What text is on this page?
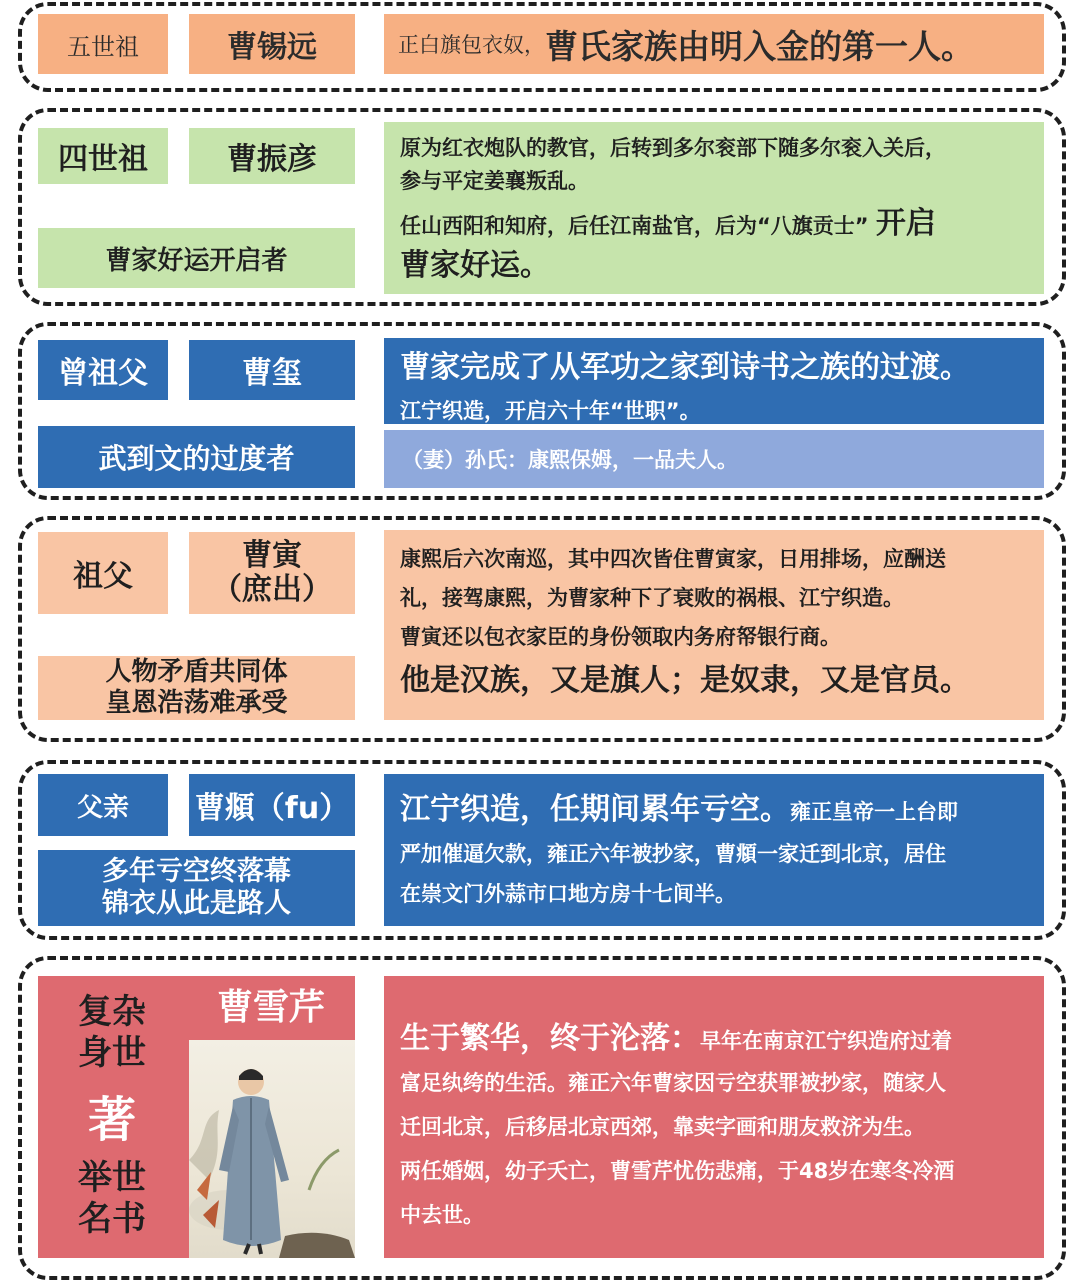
五世祖	曹锡远	正白旗包衣奴， 曹氏家族由明入金的第一人。
四世祖	曹振彦
曹家好运开启者

原为红衣炮队的教官，后转到多尔衮部下随多尔衮入关后，

参与平定姜襄叛乱。

任山西阳和知府，后任江南盐官，后为“八旗贡士” 开启

曹家好运。

曾祖父	曹玺
武到文的过度者

曹家完成了从军功之家到诗书之族的过渡。

江宁织造，开启六十年“世职”。

（妻）孙氏：康熙保姆，一品夫人。
祖父
曹寅
（庶出）
人物矛盾共同体
皇恩浩荡难承受

康熙后六次南巡，其中四次皆住曹寅家，日用排场，应酬送

礼，接驾康熙，为曹家种下了衰败的祸根、江宁织造。

曹寅还以包衣家臣的身份领取内务府帑银行商。

他是汉族，又是旗人；是奴隶，又是官员。

父亲	曹頫（fu）
多年亏空终落幕
锦衣从此是路人

江宁织造，任期间累年亏空。雍正皇帝一上台即

严加催逼欠款，雍正六年被抄家，曹頫一家迁到北京，居住

在崇文门外蒜市口地方房十七间半。

复杂
身世
著
举世
名书
曹雪芹

生于繁华，终于沦落：早年在南京江宁织造府过着

富足纨绔的生活。雍正六年曹家因亏空获罪被抄家，随家人

迁回北京，后移居北京西郊，靠卖字画和朋友救济为生。

两任婚姻，幼子夭亡，曹雪芹忧伤悲痛，于48岁在寒冬冷酒

中去世。
